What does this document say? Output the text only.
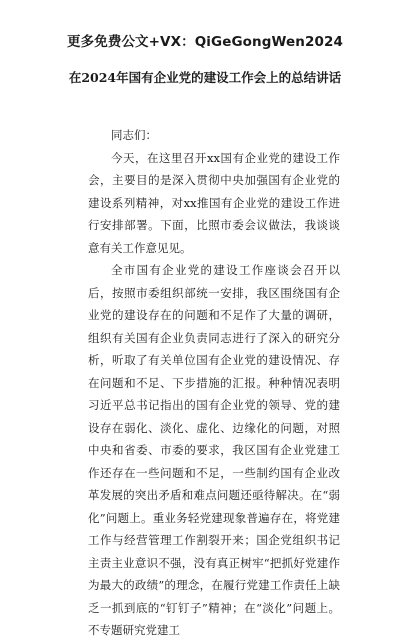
更多免费公文+VX：QiGeGongWen2024
在2024年国有企业党的建设工作会上的总结讲话

同志们：

今天，在这里召开xx国有企业党的建设工作会，主要目的是深入贯彻中央加强国有企业党的建设系列精神，对xx推国有企业党的建设工作进行安排部署。下面，比照市委会议做法，我谈谈意有关工作意见见。

全市国有企业党的建设工作座谈会召开以后，按照市委组织部统一安排，我区围绕国有企业党的建设存在的问题和不足作了大量的调研，组织有关国有企业负责同志进行了深入的研究分析，听取了有关单位国有企业党的建设情况、存在问题和不足、下步措施的汇报。种种情况表明习近平总书记指出的国有企业党的领导、党的建设存在弱化、淡化、虚化、边缘化的问题，对照中央和省委、市委的要求，我区国有企业党建工作还存在一些问题和不足，一些制约国有企业改革发展的突出矛盾和难点问题还亟待解决。在“弱化”问题上。重业务轻党建现象普遍存在，将党建工作与经营管理工作割裂开来；国企党组织书记主责主业意识不强，没有真正树牢“把抓好党建作为最大的政绩”的理念，在履行党建工作责任上缺乏一抓到底的“钉钉子”精神；在“淡化”问题上。不专题研究党建工
